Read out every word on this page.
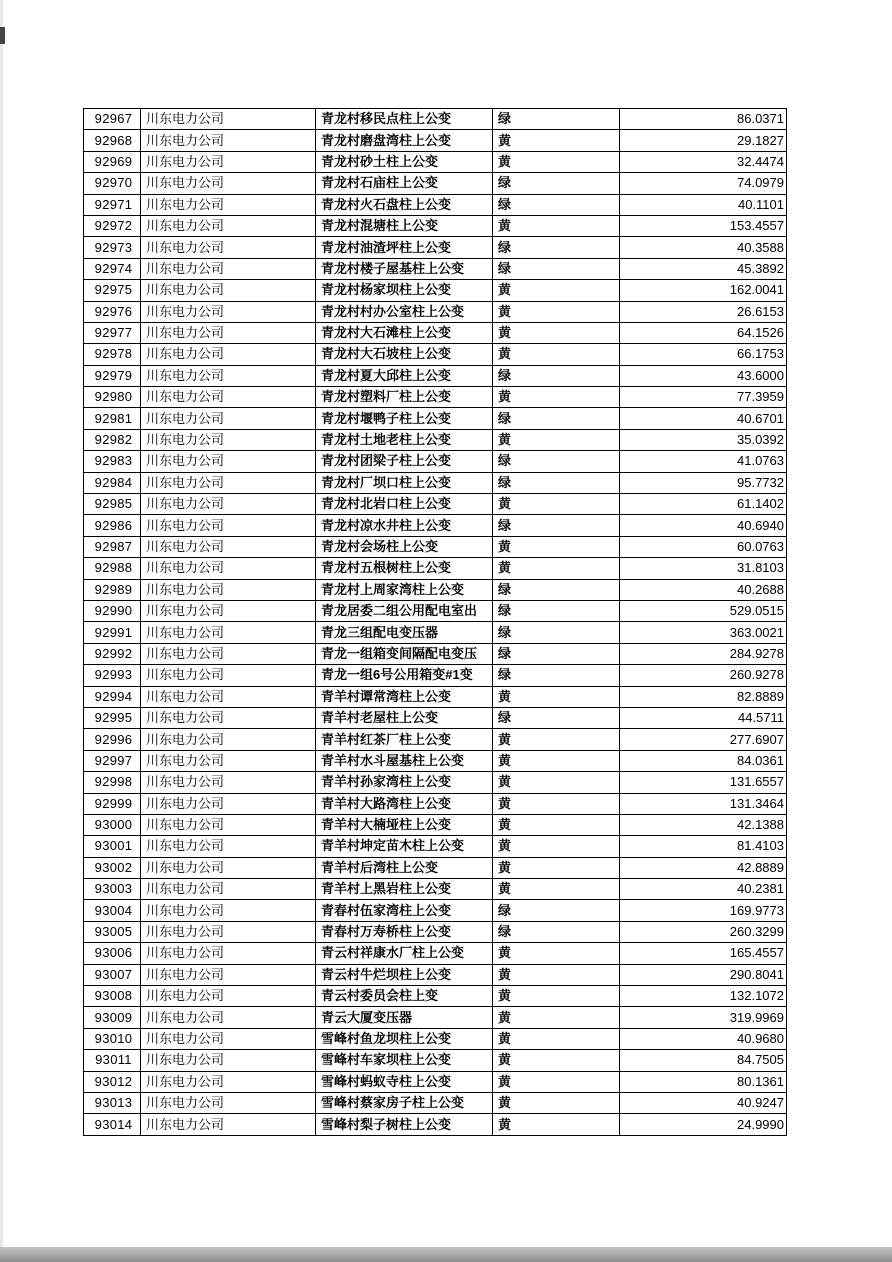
92967	川东电力公司	青龙村移民点柱上公变	绿	86.0371
92968	川东电力公司	青龙村磨盘湾柱上公变	黄	29.1827
92969	川东电力公司	青龙村砂土柱上公变	黄	32.4474
92970	川东电力公司	青龙村石庙柱上公变	绿	74.0979
92971	川东电力公司	青龙村火石盘柱上公变	绿	40.1101
92972	川东电力公司	青龙村混塘柱上公变	黄	153.4557
92973	川东电力公司	青龙村油渣坪柱上公变	绿	40.3588
92974	川东电力公司	青龙村楼子屋基柱上公变	绿	45.3892
92975	川东电力公司	青龙村杨家坝柱上公变	黄	162.0041
92976	川东电力公司	青龙村村办公室柱上公变	黄	26.6153
92977	川东电力公司	青龙村大石滩柱上公变	黄	64.1526
92978	川东电力公司	青龙村大石坡柱上公变	黄	66.1753
92979	川东电力公司	青龙村夏大邱柱上公变	绿	43.6000
92980	川东电力公司	青龙村塑料厂柱上公变	黄	77.3959
92981	川东电力公司	青龙村堰鸭子柱上公变	绿	40.6701
92982	川东电力公司	青龙村土地老柱上公变	黄	35.0392
92983	川东电力公司	青龙村团梁子柱上公变	绿	41.0763
92984	川东电力公司	青龙村厂坝口柱上公变	绿	95.7732
92985	川东电力公司	青龙村北岩口柱上公变	黄	61.1402
92986	川东电力公司	青龙村凉水井柱上公变	绿	40.6940
92987	川东电力公司	青龙村会场柱上公变	黄	60.0763
92988	川东电力公司	青龙村五根树柱上公变	黄	31.8103
92989	川东电力公司	青龙村上周家湾柱上公变	绿	40.2688
92990	川东电力公司	青龙居委二组公用配电室出	绿	529.0515
92991	川东电力公司	青龙三组配电变压器	绿	363.0021
92992	川东电力公司	青龙一组箱变间隔配电变压	绿	284.9278
92993	川东电力公司	青龙一组6号公用箱变#1变	绿	260.9278
92994	川东电力公司	青羊村谭常湾柱上公变	黄	82.8889
92995	川东电力公司	青羊村老屋柱上公变	绿	44.5711
92996	川东电力公司	青羊村红茶厂柱上公变	黄	277.6907
92997	川东电力公司	青羊村水斗屋基柱上公变	黄	84.0361
92998	川东电力公司	青羊村孙家湾柱上公变	黄	131.6557
92999	川东电力公司	青羊村大路湾柱上公变	黄	131.3464
93000	川东电力公司	青羊村大楠垭柱上公变	黄	42.1388
93001	川东电力公司	青羊村坤定苗木柱上公变	黄	81.4103
93002	川东电力公司	青羊村后湾柱上公变	黄	42.8889
93003	川东电力公司	青羊村上黑岩柱上公变	黄	40.2381
93004	川东电力公司	青春村伍家湾柱上公变	绿	169.9773
93005	川东电力公司	青春村万寿桥柱上公变	绿	260.3299
93006	川东电力公司	青云村祥康水厂柱上公变	黄	165.4557
93007	川东电力公司	青云村牛烂坝柱上公变	黄	290.8041
93008	川东电力公司	青云村委员会柱上变	黄	132.1072
93009	川东电力公司	青云大厦变压器	黄	319.9969
93010	川东电力公司	雪峰村鱼龙坝柱上公变	黄	40.9680
93011	川东电力公司	雪峰村车家坝柱上公变	黄	84.7505
93012	川东电力公司	雪峰村蚂蚁寺柱上公变	黄	80.1361
93013	川东电力公司	雪峰村蔡家房子柱上公变	黄	40.9247
93014	川东电力公司	雪峰村梨子树柱上公变	黄	24.9990
